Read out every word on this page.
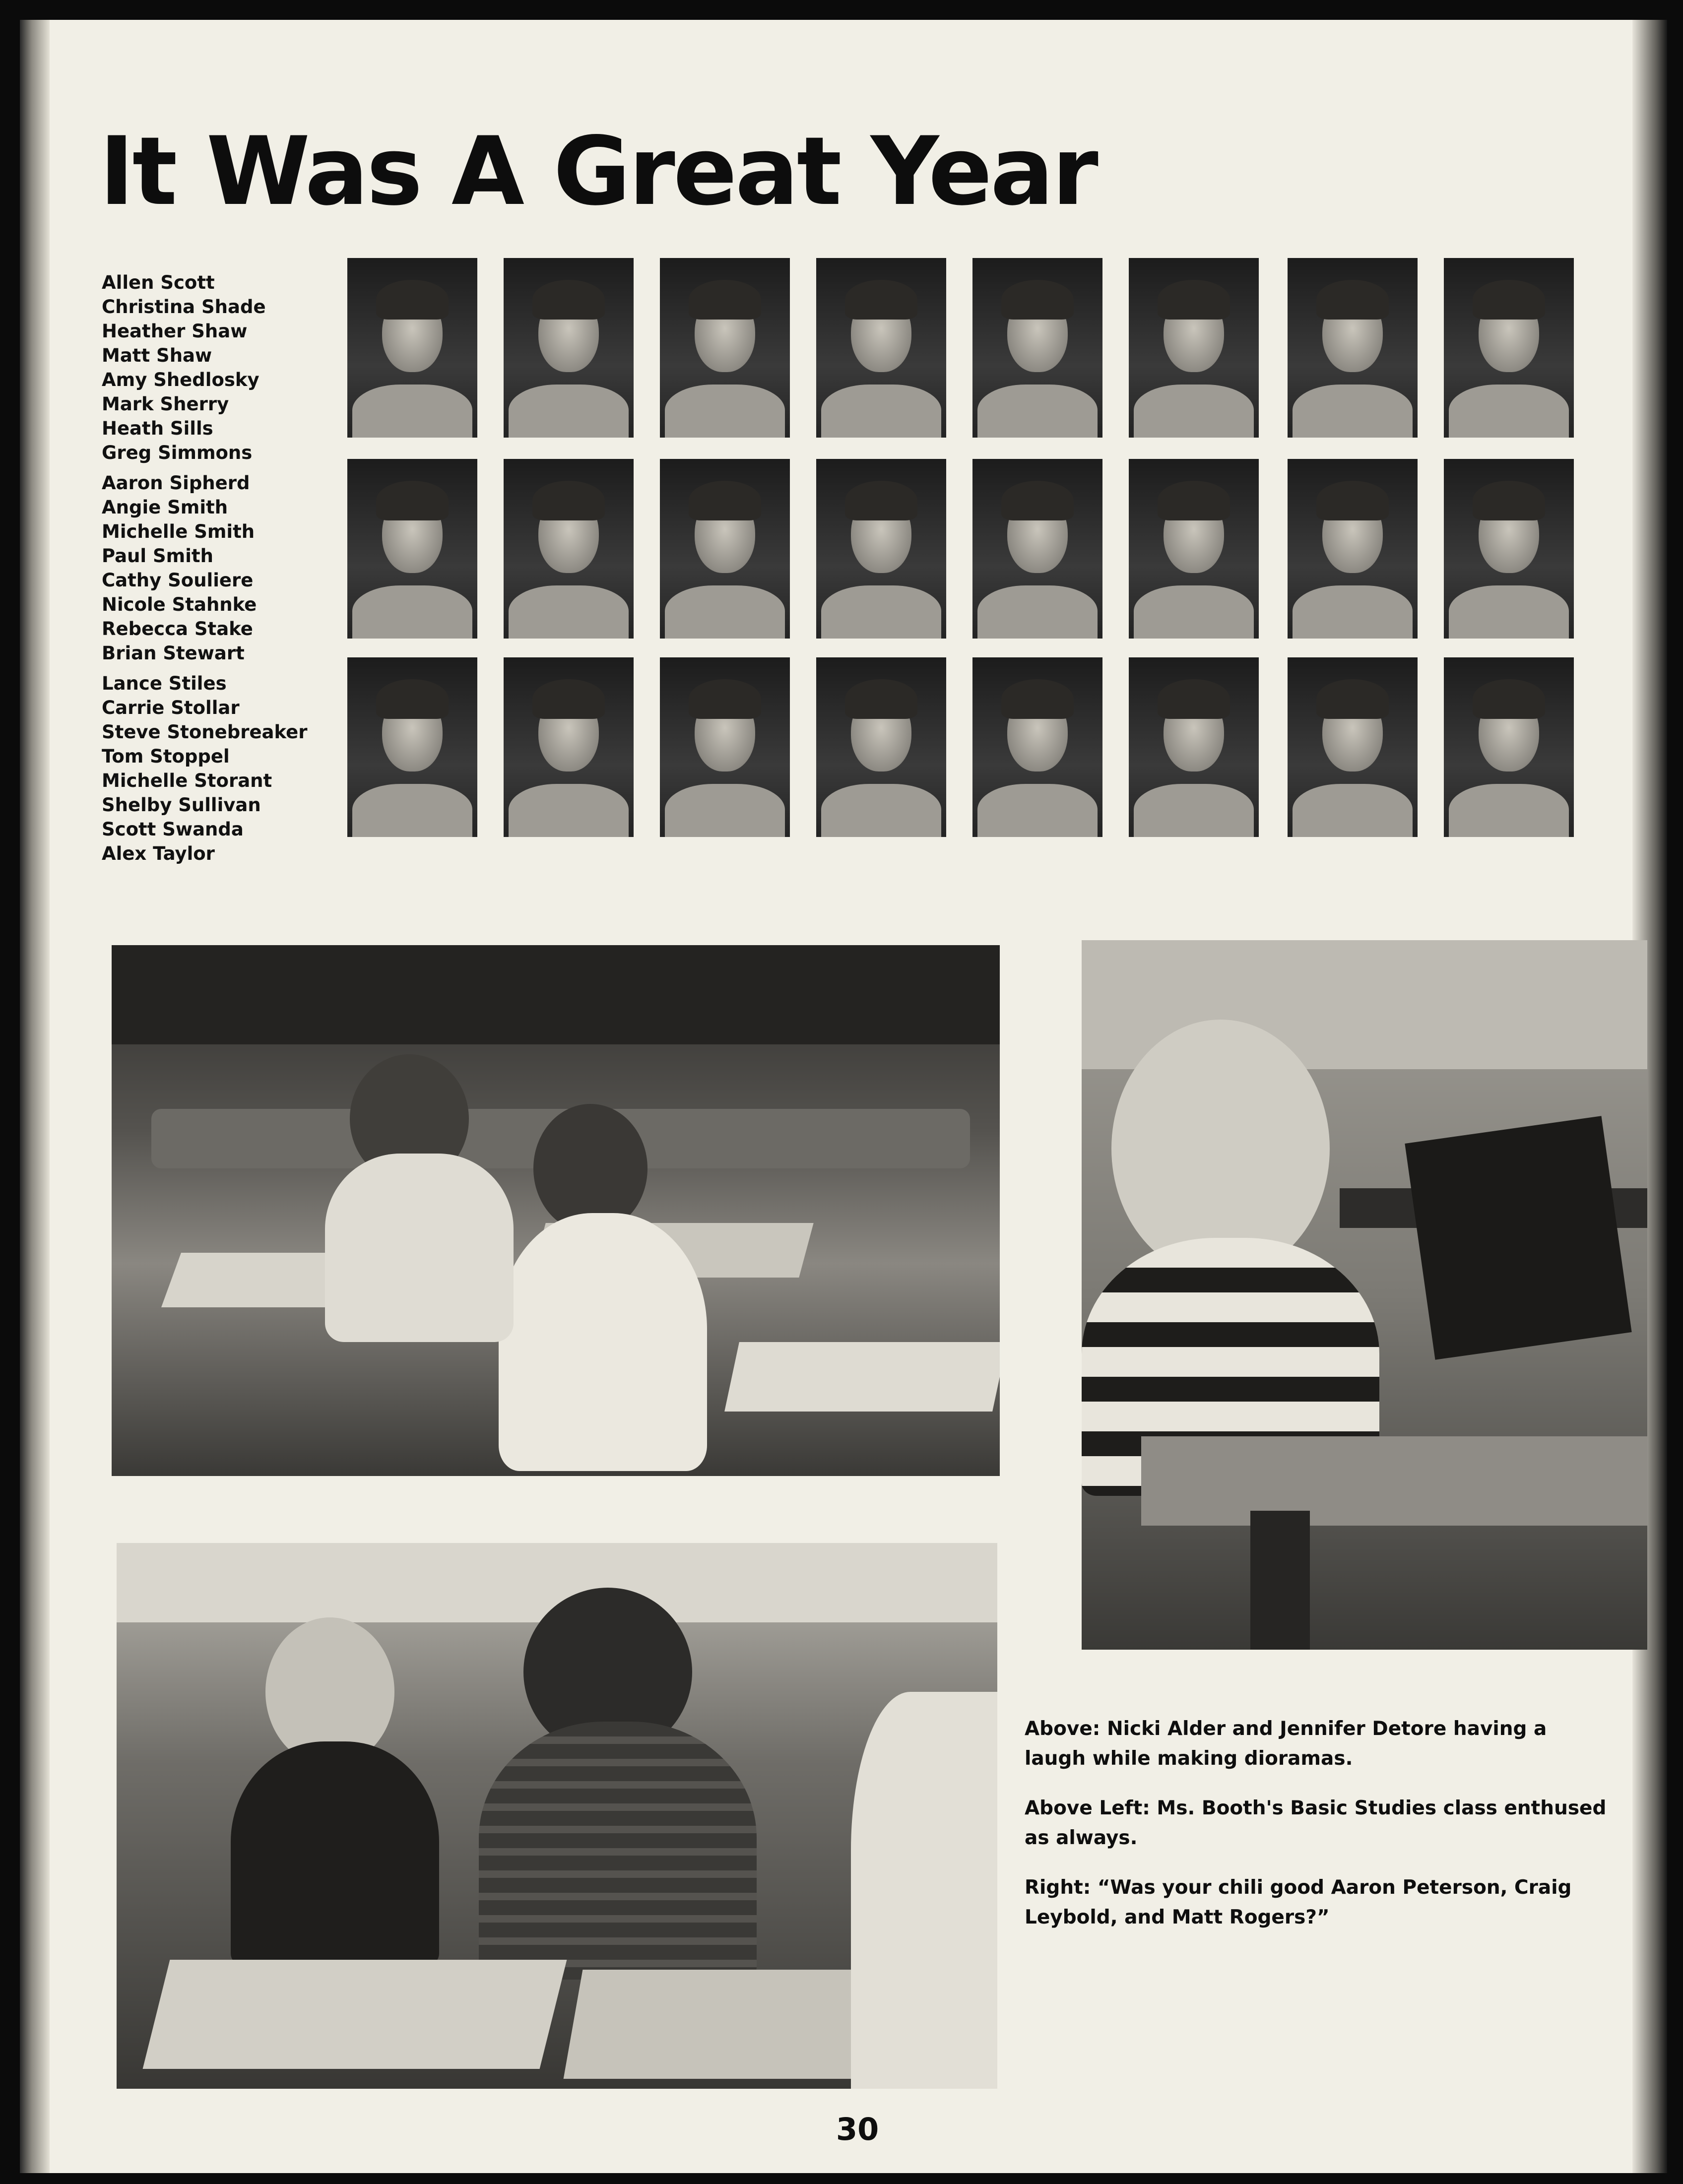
It Was A Great Year
Allen Scott
Christina Shade
Heather Shaw
Matt Shaw
Amy Shedlosky
Mark Sherry
Heath Sills
Greg Simmons
Aaron Sipherd
Angie Smith
Michelle Smith
Paul Smith
Cathy Souliere
Nicole Stahnke
Rebecca Stake
Brian Stewart
Lance Stiles
Carrie Stollar
Steve Stonebreaker
Tom Stoppel
Michelle Storant
Shelby Sullivan
Scott Swanda
Alex Taylor

Above: Nicki Alder and Jennifer Detore having a laugh while making dioramas.

Above Left: Ms. Booth's Basic Studies class enthused as always.

Right: “Was your chili good Aaron Peterson, Craig Leybold, and Matt Rogers?”

30
